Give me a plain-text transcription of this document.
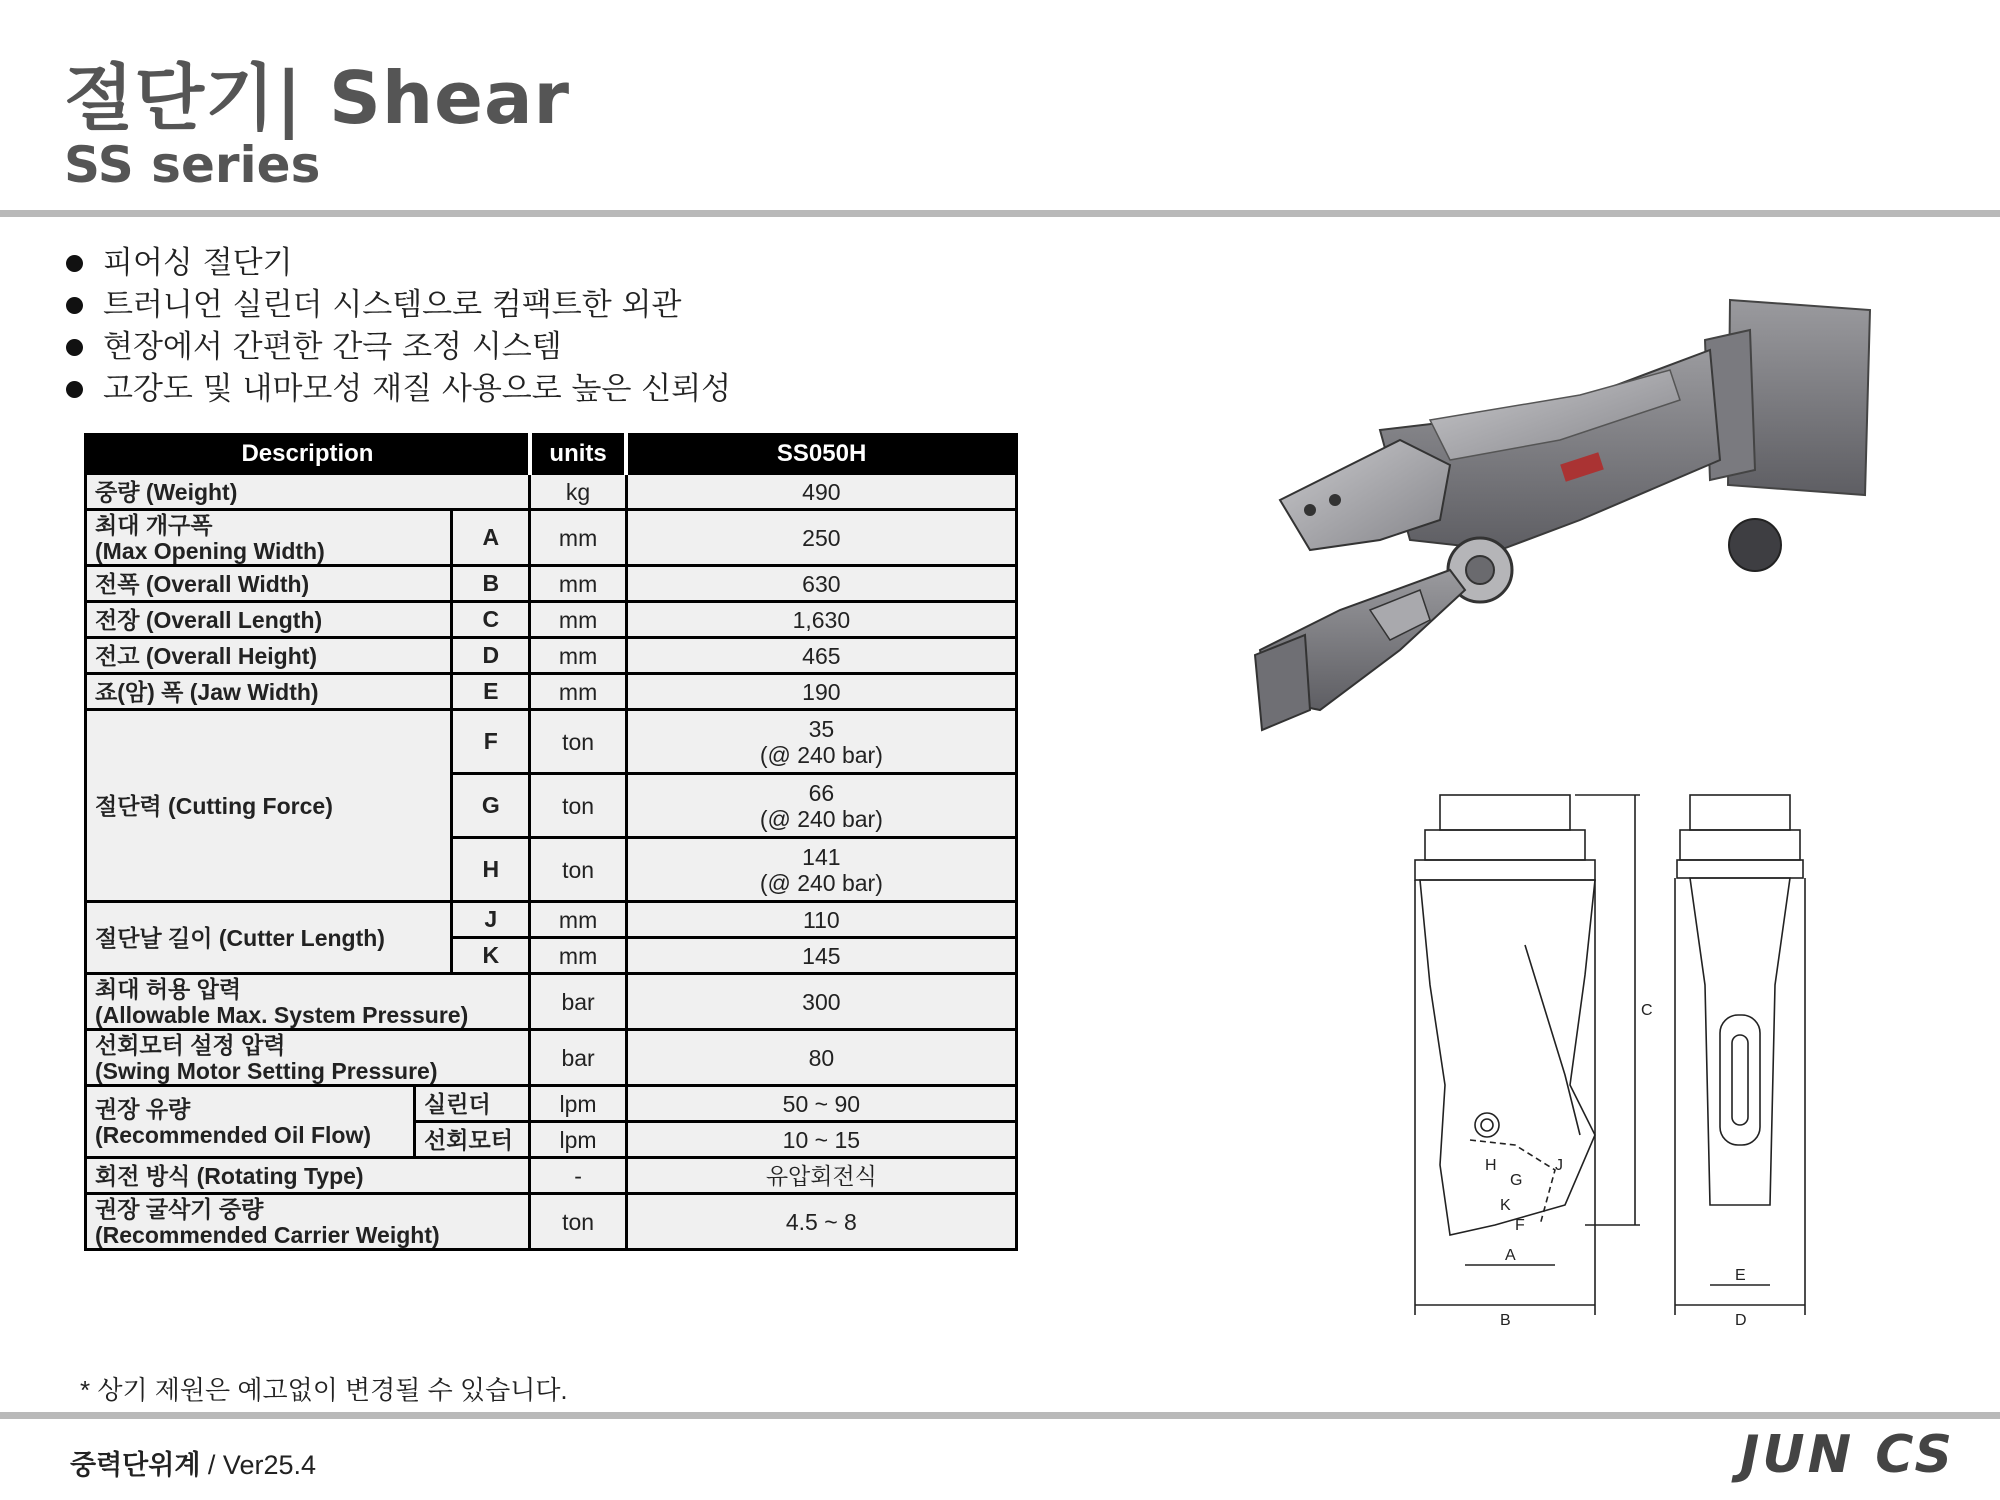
절단기| Shear
SS series
피어싱 절단기
트러니언 실린더 시스템으로 컴팩트한 외관
현장에서 간편한 간극 조정 시스템
고강도 및 내마모성 재질 사용으로 높은 신뢰성
Description			units	SS050H
중량 (Weight)			kg	490
최대 개구폭
(Max Opening Width)		A	mm	250
전폭 (Overall Width)		B	mm	630
전장 (Overall Length)		C	mm	1,630
전고 (Overall Height)		D	mm	465
죠(암) 폭 (Jaw Width)		E	mm	190
절단력 (Cutting Force)		F	ton	35
(@ 240 bar)
		G	ton	66
(@ 240 bar)
		H	ton	141
(@ 240 bar)
절단날 길이 (Cutter Length)		J	mm	110
		K	mm	145
최대 허용 압력
(Allowable Max. System Pressure)			bar	300
선회모터 설정 압력
(Swing Motor Setting Pressure)			bar	80
권장 유량
(Recommended Oil Flow)	실린더		lpm	50 ~ 90
	선회모터		lpm	10 ~ 15
회전 방식 (Rotating Type)			-	유압회전식
권장 굴삭기 중량
(Recommended Carrier Weight)			ton	4.5 ~ 8
C
A
B
E
D
F
G
H	J
K
* 상기 제원은 예고없이 변경될 수 있습니다.
중력단위계 / Ver25.4	JUN CS
